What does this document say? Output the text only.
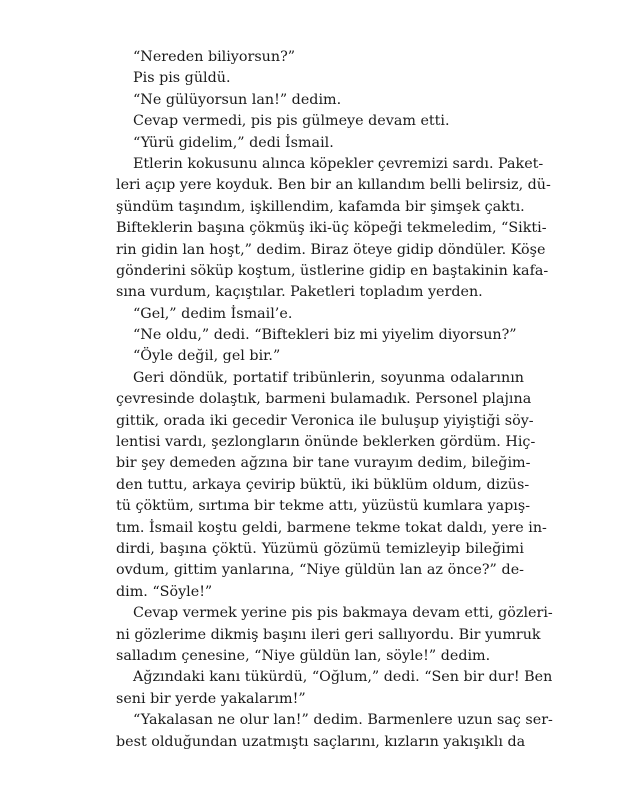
“Nereden biliyorsun?”
Pis pis güldü.
“Ne gülüyorsun lan!” dedim.
Cevap vermedi, pis pis gülmeye devam etti.
“Yürü gidelim,” dedi İsmail.
Etlerin kokusunu alınca köpekler çevremizi sardı. Paket-
leri açıp yere koyduk. Ben bir an kıllandım belli belirsiz, dü-
şündüm taşındım, işkillendim, kafamda bir şimşek çaktı.
Bifteklerin başına çökmüş iki-üç köpeği tekmeledim, “Sikti-
rin gidin lan hoşt,” dedim. Biraz öteye gidip döndüler. Köşe
gönderini söküp koştum, üstlerine gidip en baştakinin kafa-
sına vurdum, kaçıştılar. Paketleri topladım yerden.
“Gel,” dedim İsmail’e.
“Ne oldu,” dedi. “Biftekleri biz mi yiyelim diyorsun?”
“Öyle değil, gel bir.”
Geri döndük, portatif tribünlerin, soyunma odalarının
çevresinde dolaştık, barmeni bulamadık. Personel plajına
gittik, orada iki gecedir Veronica ile buluşup yiyiştiği söy-
lentisi vardı, şezlongların önünde beklerken gördüm. Hiç-
bir şey demeden ağzına bir tane vurayım dedim, bileğim-
den tuttu, arkaya çevirip büktü, iki büklüm oldum, dizüs-
tü çöktüm, sırtıma bir tekme attı, yüzüstü kumlara yapış-
tım. İsmail koştu geldi, barmene tekme tokat daldı, yere in-
dirdi, başına çöktü. Yüzümü gözümü temizleyip bileğimi
ovdum, gittim yanlarına, “Niye güldün lan az önce?” de-
dim. “Söyle!”
Cevap vermek yerine pis pis bakmaya devam etti, gözleri-
ni gözlerime dikmiş başını ileri geri sallıyordu. Bir yumruk
salladım çenesine, “Niye güldün lan, söyle!” dedim.
Ağzındaki kanı tükürdü, “Oğlum,” dedi. “Sen bir dur! Ben
seni bir yerde yakalarım!”
“Yakalasan ne olur lan!” dedim. Barmenlere uzun saç ser-
best olduğundan uzatmıştı saçlarını, kızların yakışıklı da
